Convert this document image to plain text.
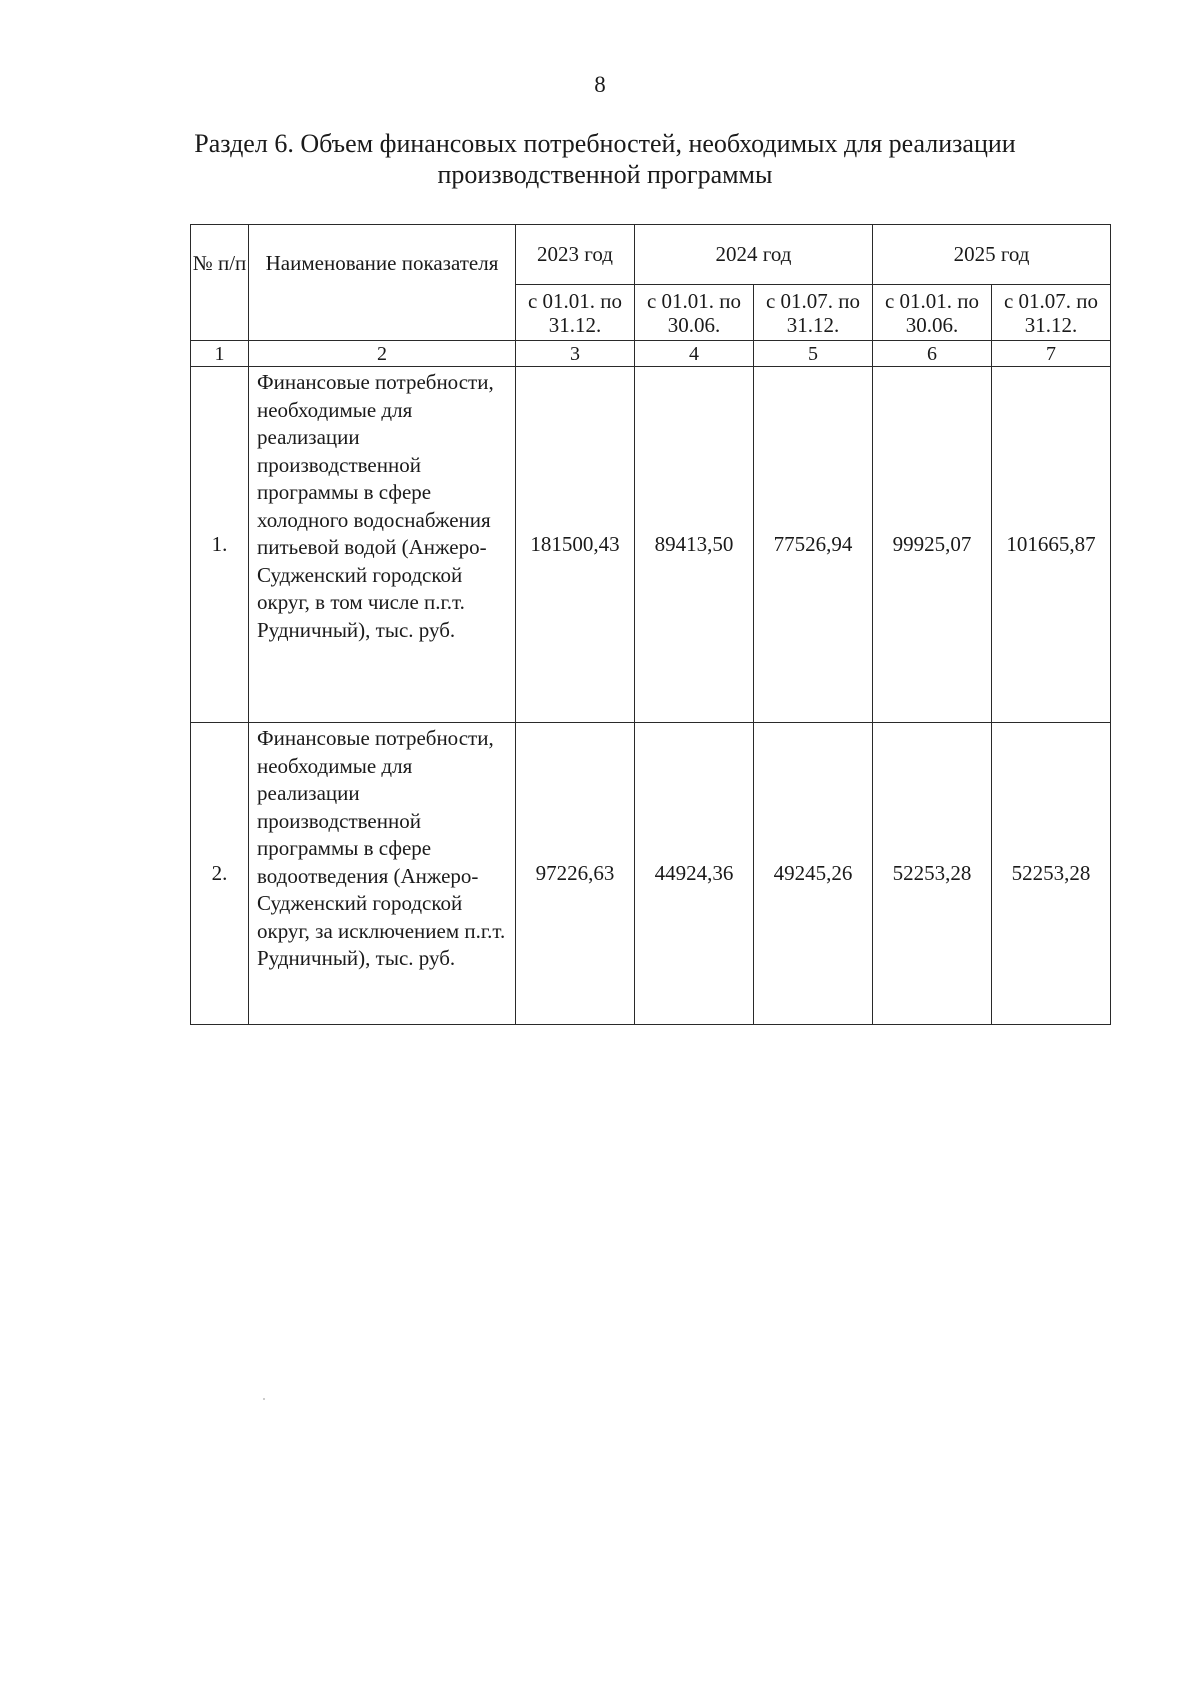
8
Раздел 6. Объем финансовых потребностей, необходимых для реализации
производственной программы
№ п/п	Наименование показателя	2023 год	2024 год		2025 год	
		с 01.01. по 31.12.	с 01.01. по 30.06.	с 01.07. по 31.12.	с 01.01. по 30.06.	с 01.07. по 31.12.
1	2	3	4	5	6	7
1.	Финансовые потребности, необходимые для реализации производственной программы в сфере холодного водоснабжения питьевой водой (Анжеро-Судженский городской округ, в том числе п.г.т. Рудничный), тыс. руб.	181500,43	89413,50	77526,94	99925,07	101665,87
2.	Финансовые потребности, необходимые для реализации производственной программы в сфере водоотведения (Анжеро-Судженский городской округ, за исключением п.г.т. Рудничный), тыс. руб.	97226,63	44924,36	49245,26	52253,28	52253,28
